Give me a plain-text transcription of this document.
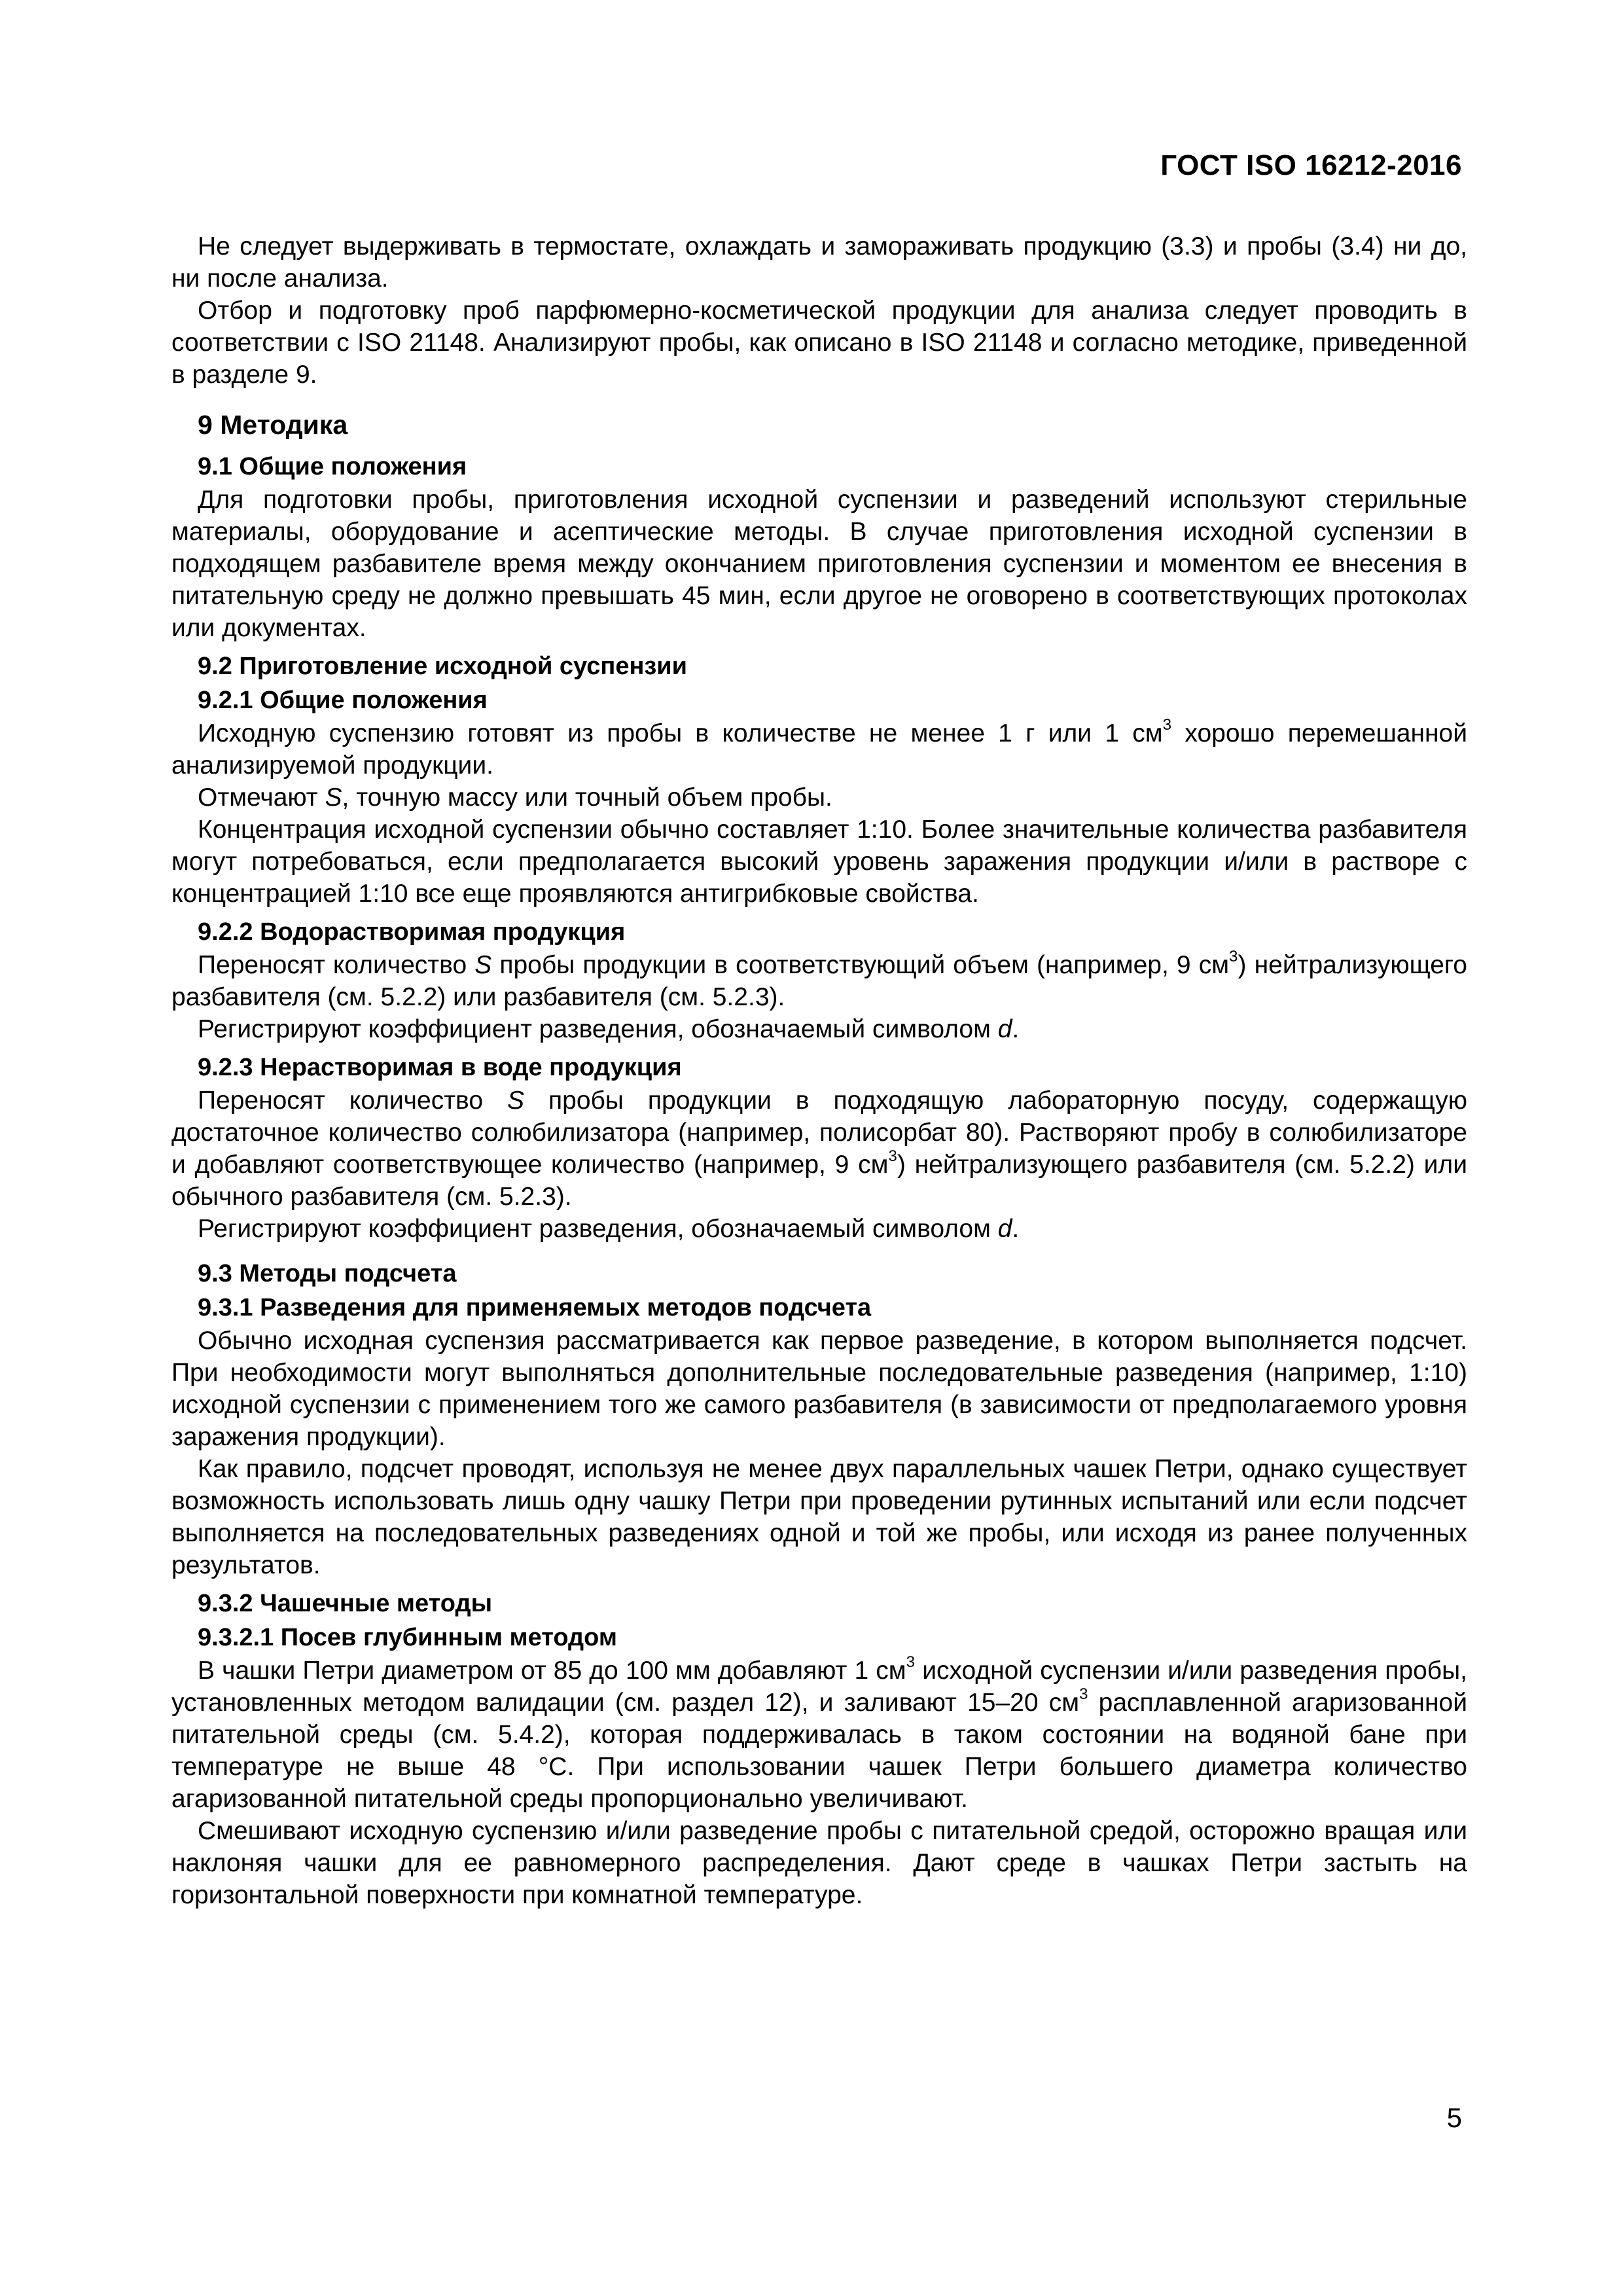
ГОСТ ISO 16212-2016

Не следует выдерживать в термостате, охлаждать и замораживать продукцию (3.3) и пробы (3.4) ни до, ни после анализа.

Отбор и подготовку проб парфюмерно-косметической продукции для анализа следует проводить в соответствии с ISO 21148. Анализируют пробы, как описано в ISO 21148 и согласно методике, приведенной в разделе 9.

9 Методика
9.1 Общие положения

Для подготовки пробы, приготовления исходной суспензии и разведений используют стерильные материалы, оборудование и асептические методы. В случае приготовления исходной суспензии в подходящем разбавителе время между окончанием приготовления суспензии и моментом ее внесения в питательную среду не должно превышать 45 мин, если другое не оговорено в соответствующих протоколах или документах.

9.2 Приготовление исходной суспензии
9.2.1 Общие положения

Исходную суспензию готовят из пробы в количестве не менее 1 г или 1 $см^3$ хорошо перемешанной анализируемой продукции.

Отмечают S, точную массу или точный объем пробы.

Концентрация исходной суспензии обычно составляет 1:10. Более значительные количества разбавителя могут потребоваться, если предполагается высокий уровень заражения продукции и/или в растворе с концентрацией 1:10 все еще проявляются антигрибковые свойства.

9.2.2 Водорастворимая продукция

Переносят количество S пробы продукции в соответствующий объем (например, 9 $см^3$) нейтрализующего разбавителя (см. 5.2.2) или разбавителя (см. 5.2.3).

Регистрируют коэффициент разведения, обозначаемый символом d.

9.2.3 Нерастворимая в воде продукция

Переносят количество S пробы продукции в подходящую лабораторную посуду, содержащую достаточное количество солюбилизатора (например, полисорбат 80). Растворяют пробу в солюбилизаторе и добавляют соответствующее количество (например, 9 $см^3$) нейтрализующего разбавителя (см. 5.2.2) или обычного разбавителя (см. 5.2.3).

Регистрируют коэффициент разведения, обозначаемый символом d.

9.3 Методы подсчета
9.3.1 Разведения для применяемых методов подсчета

Обычно исходная суспензия рассматривается как первое разведение, в котором выполняется подсчет. При необходимости могут выполняться дополнительные последовательные разведения (например, 1:10) исходной суспензии с применением того же самого разбавителя (в зависимости от предполагаемого уровня заражения продукции).

Как правило, подсчет проводят, используя не менее двух параллельных чашек Петри, однако существует возможность использовать лишь одну чашку Петри при проведении рутинных испытаний или если подсчет выполняется на последовательных разведениях одной и той же пробы, или исходя из ранее полученных результатов.

9.3.2 Чашечные методы
9.3.2.1 Посев глубинным методом

В чашки Петри диаметром от 85 до 100 мм добавляют 1 $см^3$ исходной суспензии и/или разведения пробы, установленных методом валидации (см. раздел 12), и заливают 15–20 $см^3$ расплавленной агаризованной питательной среды (см. 5.4.2), которая поддерживалась в таком состоянии на водяной бане при температуре не выше 48 °С. При использовании чашек Петри большего диаметра количество агаризованной питательной среды пропорционально увеличивают.

Смешивают исходную суспензию и/или разведение пробы с питательной средой, осторожно вращая или наклоняя чашки для ее равномерного распределения. Дают среде в чашках Петри застыть на горизонтальной поверхности при комнатной температуре.

5
